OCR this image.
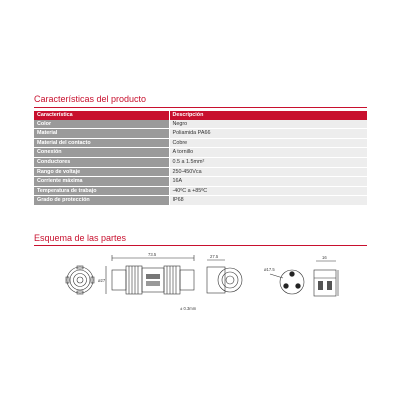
Características del producto
Característica	Descripción
Color	Negro
Material	Poliamida PA66
Material del contacto	Cobre
Conexión	A tornillo
Conductores	0.5 a 1.5mm²
Rango de voltaje	250-450Vca
Corriente máxima	16A
Temperatura de trabajo	-40ºC a +85ºC
Grado de protección	IP68
Esquema de las partes
73.5
ø27
27.5
ø17.5
16
± 0.3mm
